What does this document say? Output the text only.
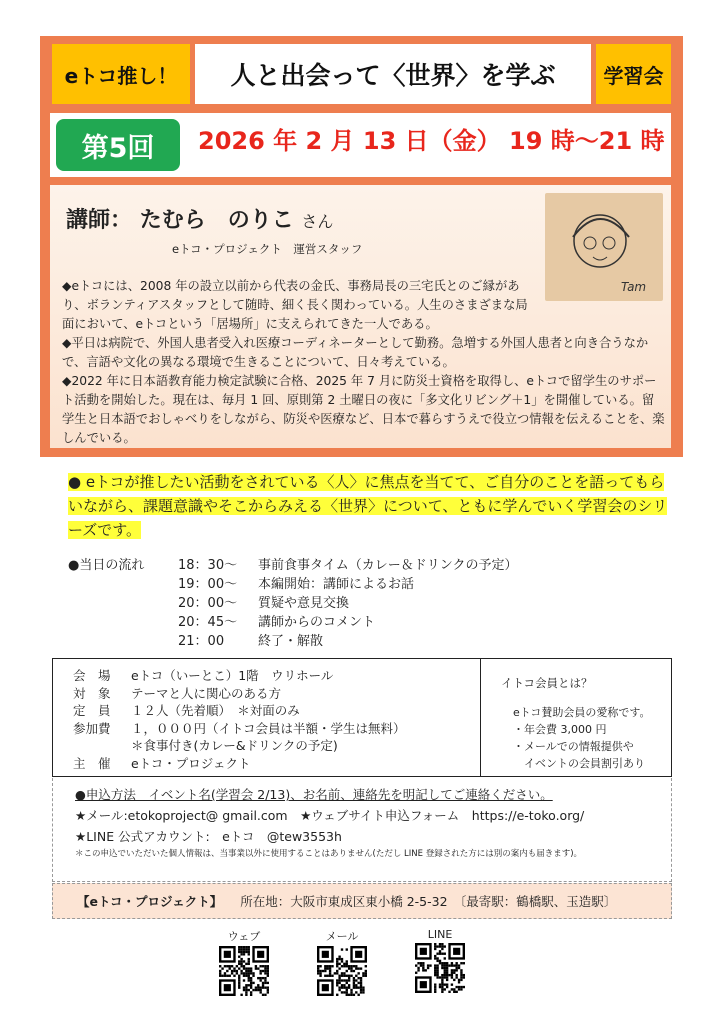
eトコ推し！	人と出会って〈世界〉を学ぶ	学習会
第5回	2026 年 2 月 13 日（金） 19 時～21 時
講師： たむら　のりこ さん
eトコ・プロジェクト　運営スタッフ
Tam

◆eトコには、2008 年の設立以前から代表の金氏、事務局長の三宅氏とのご縁があり、ボランティアスタッフとして随時、細く長く関わっている。人生のさまざまな局面において、eトコという「居場所」に支えられてきた一人である。

◆平日は病院で、外国人患者受入れ医療コーディネーターとして勤務。急増する外国人患者と向き合うなかで、言語や文化の異なる環境で生きることについて、日々考えている。

◆2022 年に日本語教育能力検定試験に合格、2025 年 7 月に防災士資格を取得し、eトコで留学生のサポート活動を開始した。現在は、毎月 1 回、原則第 2 土曜日の夜に「多文化リビング＋1」を開催している。留学生と日本語でおしゃべりをしながら、防災や医療など、日本で暮らすうえで役立つ情報を伝えることを、楽しんでいる。

● eトコが推したい活動をされている〈人〉に焦点を当てて、ご自分のことを語ってもらいながら、課題意識やそこからみえる〈世界〉について、ともに学んでいく学習会のシリーズです。
●当日の流れ	18：30～	事前食事タイム（カレー＆ドリンクの予定）
19：00～	本編開始：講師によるお話
20：00～	質疑や意見交換
20：45～	講師からのコメント
21：00	終了・解散
会　場	eトコ（いーとこ）1階　ウリホール
対　象	テーマと人に関心のある方
定　員	１２人（先着順）　＊対面のみ
参加費	１，０００円（イトコ会員は半額・学生は無料）
＊食事付き(カレー&ドリンクの予定)
主　催	eトコ・プロジェクト
イトコ会員とは？
eトコ賛助会員の愛称です。
・年会費 3,000 円
・メールでの情報提供や
　イベントの会員割引あり
●申込方法　イベント名(学習会 2/13)、お名前、連絡先を明記してご連絡ください。
★メール:etokoproject@ gmail.com　★ウェブサイト申込フォーム　https://e-toko.org/
★LINE 公式アカウント:　eトコ　@tew3553h
＊この申込でいただいた個人情報は、当事業以外に使用することはありません(ただし LINE 登録された方には別の案内も届きます)。
【eトコ・プロジェクト】 所在地：大阪市東成区東小橋 2-5-32　〔最寄駅：鶴橋駅、玉造駅〕
ウェブ	メール	LINE
